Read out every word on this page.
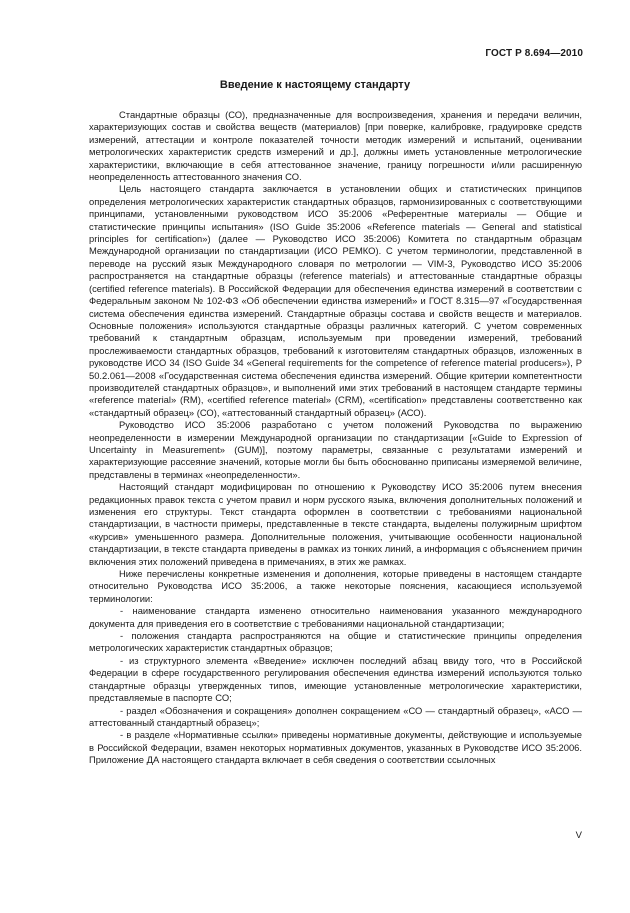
ГОСТ Р 8.694—2010
Введение к настоящему стандарту

Стандартные образцы (СО), предназначенные для воспроизведения, хранения и передачи величин, характеризующих состав и свойства веществ (материалов) [при поверке, калибровке, градуировке средств измерений, аттестации и контроле показателей точности методик измерений и испытаний, оценивании метрологических характеристик средств измерений и др.], должны иметь установленные метрологические характеристики, включающие в себя аттестованное значение, границу погрешности и/или расширенную неопределенность аттестованного значения СО.

Цель настоящего стандарта заключается в установлении общих и статистических принципов определения метрологических характеристик стандартных образцов, гармонизированных с соответствующими принципами, установленными руководством ИСО 35:2006 «Референтные материалы — Общие и статистические принципы испытания» (ISO Guide 35:2006 «Reference materials — General and statistical principles for certification») (далее — Руководство ИСО 35:2006) Комитета по стандартным образцам Международной организации по стандартизации (ИСО РЕМКО). С учетом терминологии, представленной в переводе на русский язык Международного словаря по метрологии — VIM-3, Руководство ИСО 35:2006 распространяется на стандартные образцы (reference materials) и аттестованные стандартные образцы (certified reference materials). В Российской Федерации для обеспечения единства измерений в соответствии с Федеральным законом № 102-ФЗ «Об обеспечении единства измерений» и ГОСТ 8.315—97 «Государственная система обеспечения единства измерений. Стандартные образцы состава и свойств веществ и материалов. Основные положения» используются стандартные образцы различных категорий. С учетом современных требований к стандартным образцам, используемым при проведении измерений, требований прослеживаемости стандартных образцов, требований к изготовителям стандартных образцов, изложенных в руководстве ИСО 34 (ISO Guide 34 «General requirements for the competence of reference material producers»), Р 50.2.061—2008 «Государственная система обеспечения единства измерений. Общие критерии компетентности производителей стандартных образцов», и выполнений ими этих требований в настоящем стандарте термины «reference material» (RM), «certified reference material» (CRM), «certification» представлены соответственно как «стандартный образец» (СО), «аттестованный стандартный образец» (АСО).

Руководство ИСО 35:2006 разработано с учетом положений Руководства по выражению неопределенности в измерении Международной организации по стандартизации [«Guide to Expression of Uncertainty in Measurement» (GUM)], поэтому параметры, связанные с результатами измерений и характеризующие рассеяние значений, которые могли бы быть обоснованно приписаны измеряемой величине, представлены в терминах «неопределенности».

Настоящий стандарт модифицирован по отношению к Руководству ИСО 35:2006 путем внесения редакционных правок текста с учетом правил и норм русского языка, включения дополнительных положений и изменения его структуры. Текст стандарта оформлен в соответствии с требованиями национальной стандартизации, в частности примеры, представленные в тексте стандарта, выделены полужирным шрифтом «курсив» уменьшенного размера. Дополнительные положения, учитывающие особенности национальной стандартизации, в тексте стандарта приведены в рамках из тонких линий, а информация с объяснением причин включения этих положений приведена в примечаниях, в этих же рамках.

Ниже перечислены конкретные изменения и дополнения, которые приведены в настоящем стандарте относительно Руководства ИСО 35:2006, а также некоторые пояснения, касающиеся используемой терминологии:

- наименование стандарта изменено относительно наименования указанного международного документа для приведения его в соответствие с требованиями национальной стандартизации;

- положения стандарта распространяются на общие и статистические принципы определения метрологических характеристик стандартных образцов;

- из структурного элемента «Введение» исключен последний абзац ввиду того, что в Российской Федерации в сфере государственного регулирования обеспечения единства измерений используются только стандартные образцы утвержденных типов, имеющие установленные метрологические характеристики, представляемые в паспорте СО;

- раздел «Обозначения и сокращения» дополнен сокращением «СО — стандартный образец», «АСО — аттестованный стандартный образец»;

- в разделе «Нормативные ссылки» приведены нормативные документы, действующие и используемые в Российской Федерации, взамен некоторых нормативных документов, указанных в Руководстве ИСО 35:2006. Приложение ДА настоящего стандарта включает в себя сведения о соответствии ссылочных

V
